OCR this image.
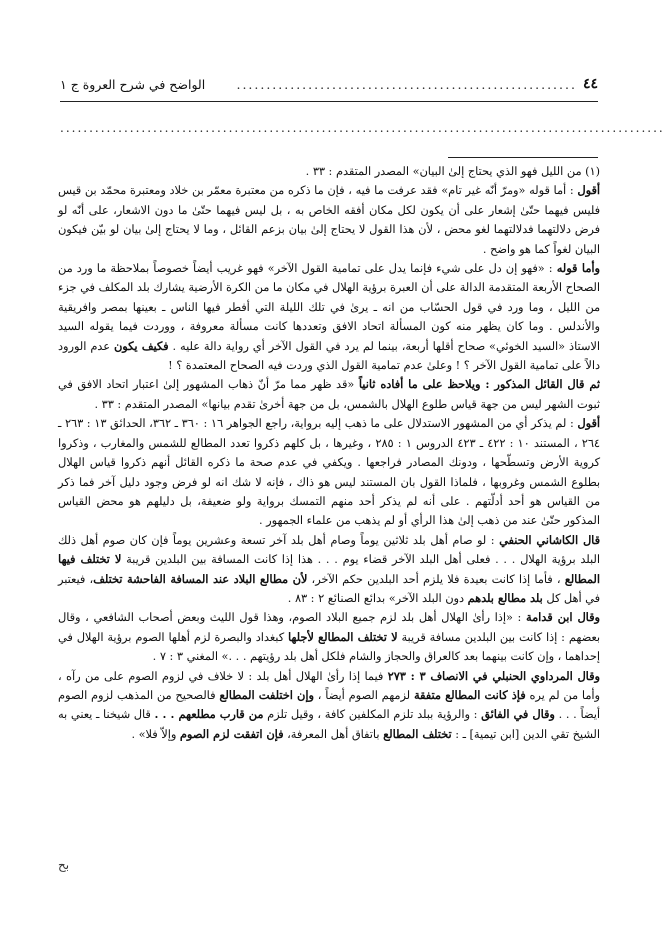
٤٤
.........................................................
الواضح في شرح العروة ج ١
........................................................................................................

(١) من الليل فهو الذي يحتاج إلىٰ البيان» المصدر المتقدم : ٣٣ .

أقول : أما قوله «ومرّ أنّه غير تام» فقد عرفت ما فيه ، فإن ما ذكره من معتبرة معمّر بن خلاد ومعتبرة محمّد بن قيس فليس فيهما حتّىٰ إشعار على أن يكون لكل مكان أفقه الخاص به ، بل ليس فيهما حتّىٰ ما دون الاشعار، على أنّه لو فرض دلالتهما فدلالتهما لغو محض ، لأن هذا القول لا يحتاج إلىٰ بيان بزعم القائل ، وما لا يحتاج إلىٰ بيان لو بيّن فيكون البيان لغواً كما هو واضح .

وأما قوله : «فهو إن دل على شيء فإنما يدل على تمامية القول الآخر» فهو غريب أيضاً خصوصاً بملاحظة ما ورد من الصحاح الأربعة المتقدمة الدالة على أن العبرة برؤية الهلال في مكان ما من الكرة الأرضية يشارك بلد المكلف في جزء من الليل ، وما ورد في قول الحسّاب من انه ـ يرىٰ في تلك الليلة التي أفطر فيها الناس ـ بعينها بمصر وافريقية والأندلس . وما كان يظهر منه كون المسألة اتحاد الافق وتعددها كانت مسألة معروفة ، ووردت فيما يقوله السيد الاستاذ «السيد الخوئي» صحاح أقلها أربعة، بينما لم يرد في القول الآخر أي رواية دالة عليه . فكيف يكون عدم الورود دالاً على تمامية القول الآخر ؟ ! وعلىٰ عدم تمامية القول الذي وردت فيه الصحاح المعتمدة ؟ !

ثم قال القائل المذكور : ويلاحظ على ما أفاده ثانياً «قد ظهر مما مرّ أنّ ذهاب المشهور إلىٰ اعتبار اتحاد الافق في ثبوت الشهر ليس من جهة قياس طلوع الهلال بالشمس، بل من جهة أخرىٰ تقدم بيانها» المصدر المتقدم : ٣٣ .

أقول : لم يذكر أي من المشهور الاستدلال على ما ذهب إليه برواية، راجع الجواهر ١٦ : ٣٦٠ ـ ٣٦٢، الحدائق ١٣ : ٢٦٣ ـ ٢٦٤ ، المستند ١٠ : ٤٢٢ ـ ٤٢٣ الدروس ١ : ٢٨٥ ، وغيرها ، بل كلهم ذكروا تعدد المطالع للشمس والمغارب ، وذكروا كروية الأرض وتسطّحها ، ودونك المصادر فراجعها . ويكفي في عدم صحة ما ذكره القائل أنهم ذكروا قياس الهلال بطلوع الشمس وغروبها ، فلماذا القول بان المستند ليس هو ذاك ، فإنه لا شك انه لو فرض وجود دليل آخر فما ذكر من القياس هو أحد أدلّتهم . على أنه لم يذكر أحد منهم التمسك برواية ولو ضعيفة، بل دليلهم هو محض القياس المذكور حتّىٰ عند من ذهب إلىٰ هذا الرأي أو لم يذهب من علماء الجمهور .

قال الكاشاني الحنفي : لو صام أهل بلد ثلاثين يوماً وصام أهل بلد آخر تسعة وعشرين يوماً فإن كان صوم أهل ذلك البلد برؤية الهلال . . . فعلى أهل البلد الآخر قضاء يوم . . . هذا إذا كانت المسافة بين البلدين قريبة لا تختلف فيها المطالع ، فأما إذا كانت بعيدة فلا يلزم أحد البلدين حكم الآخر، لأن مطالع البلاد عند المسافة الفاحشة تختلف، فيعتبر في أهل كل بلد مطالع بلدهم دون البلد الآخر» بدائع الصنائع ٢ : ٨٣ .

وقال ابن قدامة : «إذا رأىٰ الهلال أهل بلد لزم جميع البلاد الصوم، وهذا قول الليث وبعض أصحاب الشافعي ، وقال بعضهم : إذا كانت بين البلدين مسافة قريبة لا تختلف المطالع لأجلها كبغداد والبصرة لزم أهلها الصوم برؤية الهلال في إحداهما ، وإن كانت بينهما بعد كالعراق والحجاز والشام فلكل أهل بلد رؤيتهم . . .» المغني ٣ : ٧ .

وقال المرداوي الحنبلي في الانصاف ٣ : ٢٧٣ فيما إذا رأىٰ الهلال أهل بلد : لا خلاف في لزوم الصوم على من رآه ، وأما من لم يره فإذ كانت المطالع متفقة لزمهم الصوم أيضاً ، وإن اختلفت المطالع فالصحيح من المذهب لزوم الصوم أيضاً . . . وقال في الفائق : والرؤية ببلد تلزم المكلفين كافة ، وقيل تلزم من قارب مطلعهم . . . قال شيخنا ـ يعني به الشيخ تقي الدين [ابن تيمية] ـ : تختلف المطالع باتفاق أهل المعرفة، فإن اتفقت لزم الصوم وإلاّ فلا» .

بح
